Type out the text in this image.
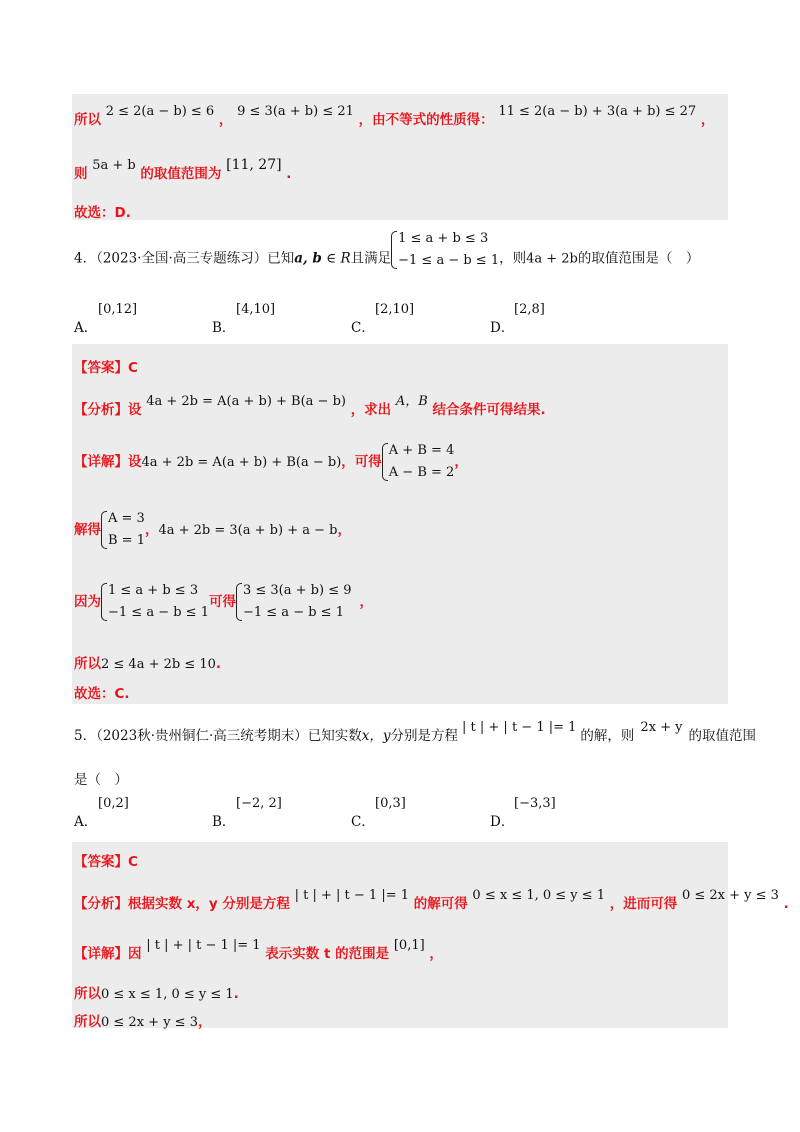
所以 2 ≤ 2(a − b) ≤ 6 ， 9 ≤ 3(a + b) ≤ 21 ，由不等式的性质得： 11 ≤ 2(a − b) + 3(a + b) ≤ 27 ，
则 5a + b 的取值范围为 [11, 27] .
故选：D.
4．（2023·全国·高三专题练习）已知a, b ∈ R且满足
1 ≤ a + b ≤ 3
−1 ≤ a − b ≤ 1 ，则4a + 2b的取值范围是（　）
A．
[0,12]
B．
[4,10]
C．
[2,10]
D．
[2,8]
【答案】C
【分析】设 4a + 2b = A(a + b) + B(a − b) ，求出 A，B 结合条件可得结果.
【详解】设4a + 2b = A(a + b) + B(a − b)，可得
A + B = 4
A − B = 2
，
解得
A = 3
B = 1
，4a + 2b = 3(a + b) + a − b，
因为
1 ≤ a + b ≤ 3
−1 ≤ a − b ≤ 1
可得
3 ≤ 3(a + b) ≤ 9
−1 ≤ a − b ≤ 1
，
所以2 ≤ 4a + 2b ≤ 10.
故选：C.
5．（2023秋·贵州铜仁·高三统考期末）已知实数x，y分别是方程| t | + | t − 1 |= 1的解，则2x + y的取值范围
是（　）
A．
[0,2]
B．
[−2, 2]
C．
[0,3]
D．
[−3,3]
【答案】C
【分析】根据实数 x，y 分别是方程 | t | + | t − 1 |= 1 的解可得 0 ≤ x ≤ 1, 0 ≤ y ≤ 1 ，进而可得 0 ≤ 2x + y ≤ 3 .
【详解】因 | t | + | t − 1 |= 1 表示实数 t 的范围是 [0,1] ，
所以0 ≤ x ≤ 1, 0 ≤ y ≤ 1.
所以0 ≤ 2x + y ≤ 3，
